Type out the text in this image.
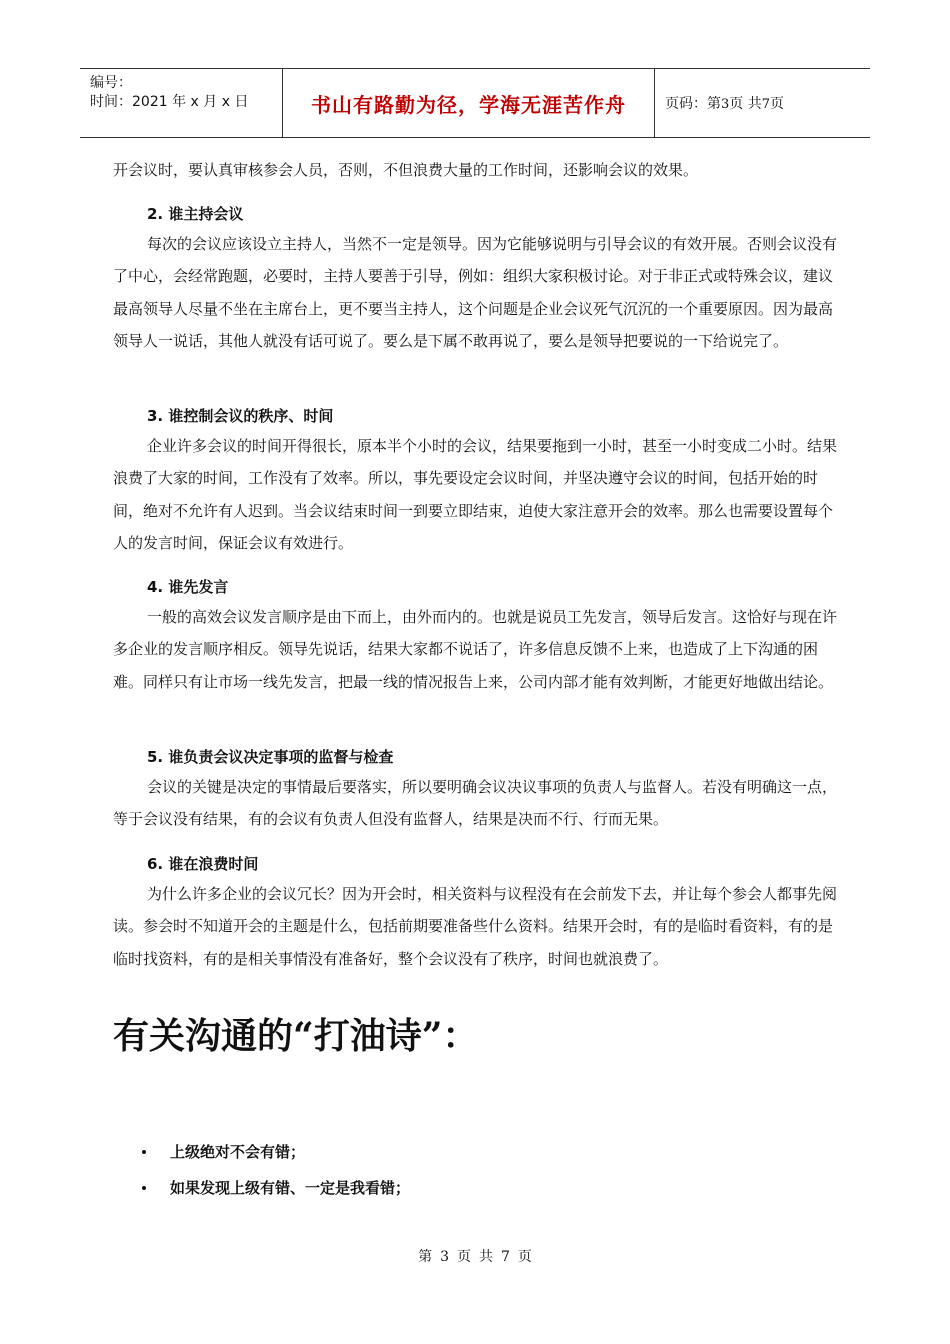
编号：
时间：2021 年 x 月 x 日	书山有路勤为径，学海无涯苦作舟	页码：第3页 共7页

开会议时，要认真审核参会人员，否则，不但浪费大量的工作时间，还影响会议的效果。

2. 谁主持会议

每次的会议应该设立主持人，当然不一定是领导。因为它能够说明与引导会议的有效开展。否则会议没有了中心，会经常跑题，必要时，主持人要善于引导，例如：组织大家积极讨论。对于非正式或特殊会议，建议最高领导人尽量不坐在主席台上，更不要当主持人，这个问题是企业会议死气沉沉的一个重要原因。因为最高领导人一说话，其他人就没有话可说了。要么是下属不敢再说了，要么是领导把要说的一下给说完了。

3. 谁控制会议的秩序、时间

企业许多会议的时间开得很长，原本半个小时的会议，结果要拖到一小时，甚至一小时变成二小时。结果浪费了大家的时间，工作没有了效率。所以，事先要设定会议时间，并坚决遵守会议的时间，包括开始的时间，绝对不允许有人迟到。当会议结束时间一到要立即结束，迫使大家注意开会的效率。那么也需要设置每个人的发言时间，保证会议有效进行。

4. 谁先发言

一般的高效会议发言顺序是由下而上，由外而内的。也就是说员工先发言，领导后发言。这恰好与现在许多企业的发言顺序相反。领导先说话，结果大家都不说话了，许多信息反馈不上来，也造成了上下沟通的困难。同样只有让市场一线先发言，把最一线的情况报告上来，公司内部才能有效判断，才能更好地做出结论。

5. 谁负责会议决定事项的监督与检查

会议的关键是决定的事情最后要落实，所以要明确会议决议事项的负责人与监督人。若没有明确这一点，等于会议没有结果，有的会议有负责人但没有监督人，结果是决而不行、行而无果。

6. 谁在浪费时间

为什么许多企业的会议冗长？因为开会时，相关资料与议程没有在会前发下去，并让每个参会人都事先阅读。参会时不知道开会的主题是什么，包括前期要准备些什么资料。结果开会时，有的是临时看资料，有的是临时找资料，有的是相关事情没有准备好，整个会议没有了秩序，时间也就浪费了。

有关沟通的“打油诗”：
上级绝对不会有错；
如果发现上级有错、一定是我看错；
第 3 页 共 7 页
